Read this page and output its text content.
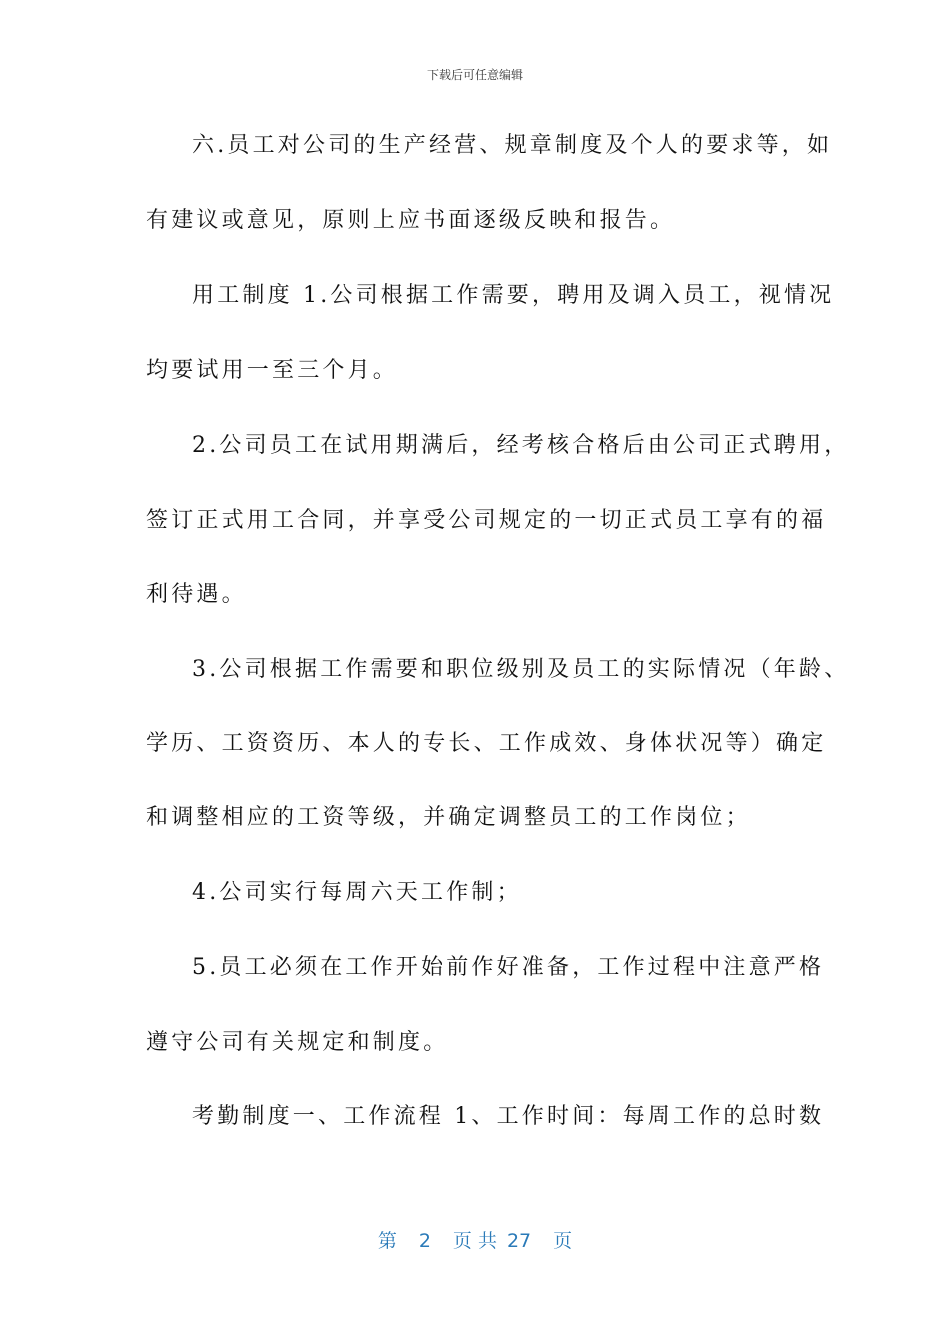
下载后可任意编辑
六.员工对公司的生产经营、规章制度及个人的要求等，如
有建议或意见，原则上应书面逐级反映和报告。
用工制度 1.公司根据工作需要，聘用及调入员工，视情况
均要试用一至三个月。
2.公司员工在试用期满后，经考核合格后由公司正式聘用，
签订正式用工合同，并享受公司规定的一切正式员工享有的福
利待遇。
3.公司根据工作需要和职位级别及员工的实际情况（年龄、
学历、工资资历、本人的专长、工作成效、身体状况等）确定
和调整相应的工资等级，并确定调整员工的工作岗位；
4.公司实行每周六天工作制；
5.员工必须在工作开始前作好准备，工作过程中注意严格
遵守公司有关规定和制度。
考勤制度一、工作流程 1、工作时间：每周工作的总时数
第 2 页 共 27 页
